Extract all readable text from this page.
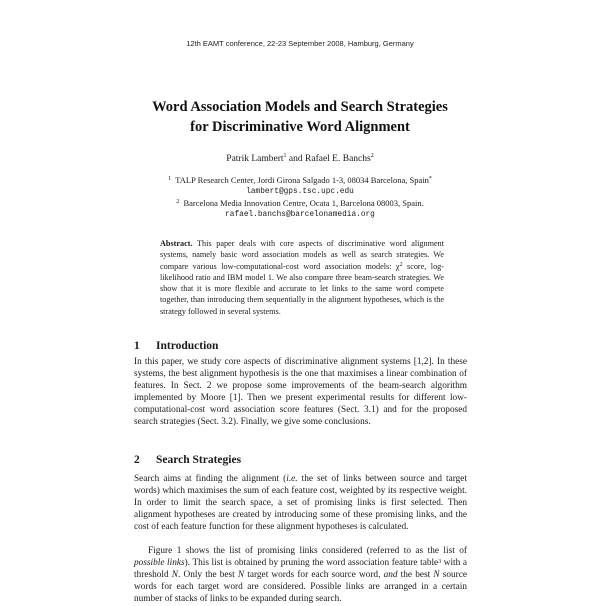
12th EAMT conference, 22-23 September 2008, Hamburg, Germany
Word Association Models and Search Strategies
for Discriminative Word Alignment
Patrik Lambert$^1$ and Rafael E. Banchs$^2$
$^1$ TALP Research Center, Jordi Girona Salgado 1-3, 08034 Barcelona, Spain*
lambert@gps.tsc.upc.edu
$^2$ Barcelona Media Innovation Centre, Ocata 1, Barcelona 08003, Spain.
rafael.banchs@barcelonamedia.org
Abstract. This paper deals with core aspects of discriminative word alignment systems, namely basic word association models as well as search strategies. We compare various low-computational-cost word association models: $\chi^2$ score, log-likelihood ratio and IBM model 1. We also compare three beam-search strategies. We show that it is more flexible and accurate to let links to the same word compete together, than introducing them sequentially in the alignment hypotheses, which is the strategy followed in several systems.
1 Introduction

In this paper, we study core aspects of discriminative alignment systems [1,2]. In these systems, the best alignment hypothesis is the one that maximises a linear combination of features. In Sect. 2 we propose some improvements of the beam-search algorithm implemented by Moore [1]. Then we present experimental results for different low-computational-cost word association score features (Sect. 3.1) and for the proposed search strategies (Sect. 3.2). Finally, we give some conclusions.

2 Search Strategies

Search aims at finding the alignment (i.e. the set of links between source and target words) which maximises the sum of each feature cost, weighted by its respective weight. In order to limit the search space, a set of promising links is first selected. Then alignment hypotheses are created by introducing some of these promising links, and the cost of each feature function for these alignment hypotheses is calculated.

Figure 1 shows the list of promising links considered (referred to as the list of possible links). This list is obtained by pruning the word association feature table$^3$ with a threshold N. Only the best N target words for each source word, and the best N source words for each target word are considered. Possible links are arranged in a certain number of stacks of links to be expanded during search.
